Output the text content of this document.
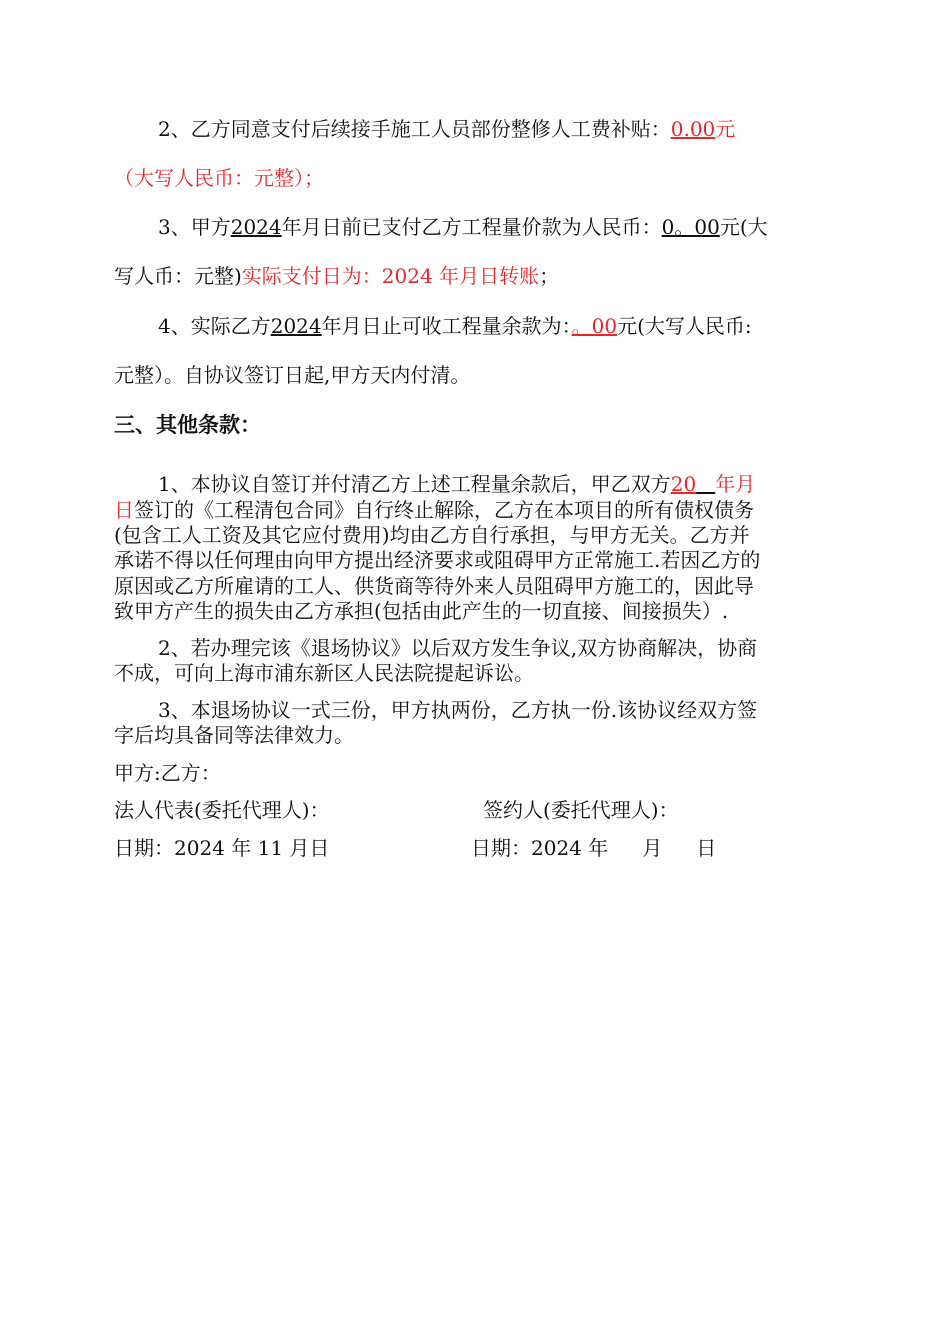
2、乙方同意支付后续接手施工人员部份整修人工费补贴：0.00元
（大写人民币：元整）；
3、甲方2024年月日前已支付乙方工程量价款为人民币：0。00元(大
写人币：元整)实际支付日为：2024 年月日转账；
4、实际乙方2024年月日止可收工程量余款为：。00元(大写人民币:
元整）。自协议签订日起,甲方天内付清。
三、其他条款：
1、本协议自签订并付清乙方上述工程量余款后，甲乙双方20 年月
日签订的《工程清包合同》自行终止解除，乙方在本项目的所有债权债务
(包含工人工资及其它应付费用)均由乙方自行承担，与甲方无关。乙方并
承诺不得以任何理由向甲方提出经济要求或阻碍甲方正常施工.若因乙方的
原因或乙方所雇请的工人、供货商等待外来人员阻碍甲方施工的，因此导
致甲方产生的损失由乙方承担(包括由此产生的一切直接、间接损失）.
2、若办理完该《退场协议》以后双方发生争议,双方协商解决，协商
不成，可向上海市浦东新区人民法院提起诉讼。
3、本退场协议一式三份，甲方执两份，乙方执一份.该协议经双方签
字后均具备同等法律效力。
甲方:乙方：
法人代表(委托代理人)：	签约人(委托代理人)：
日期：2024 年 11 月日	日期：2024 年 月 日
